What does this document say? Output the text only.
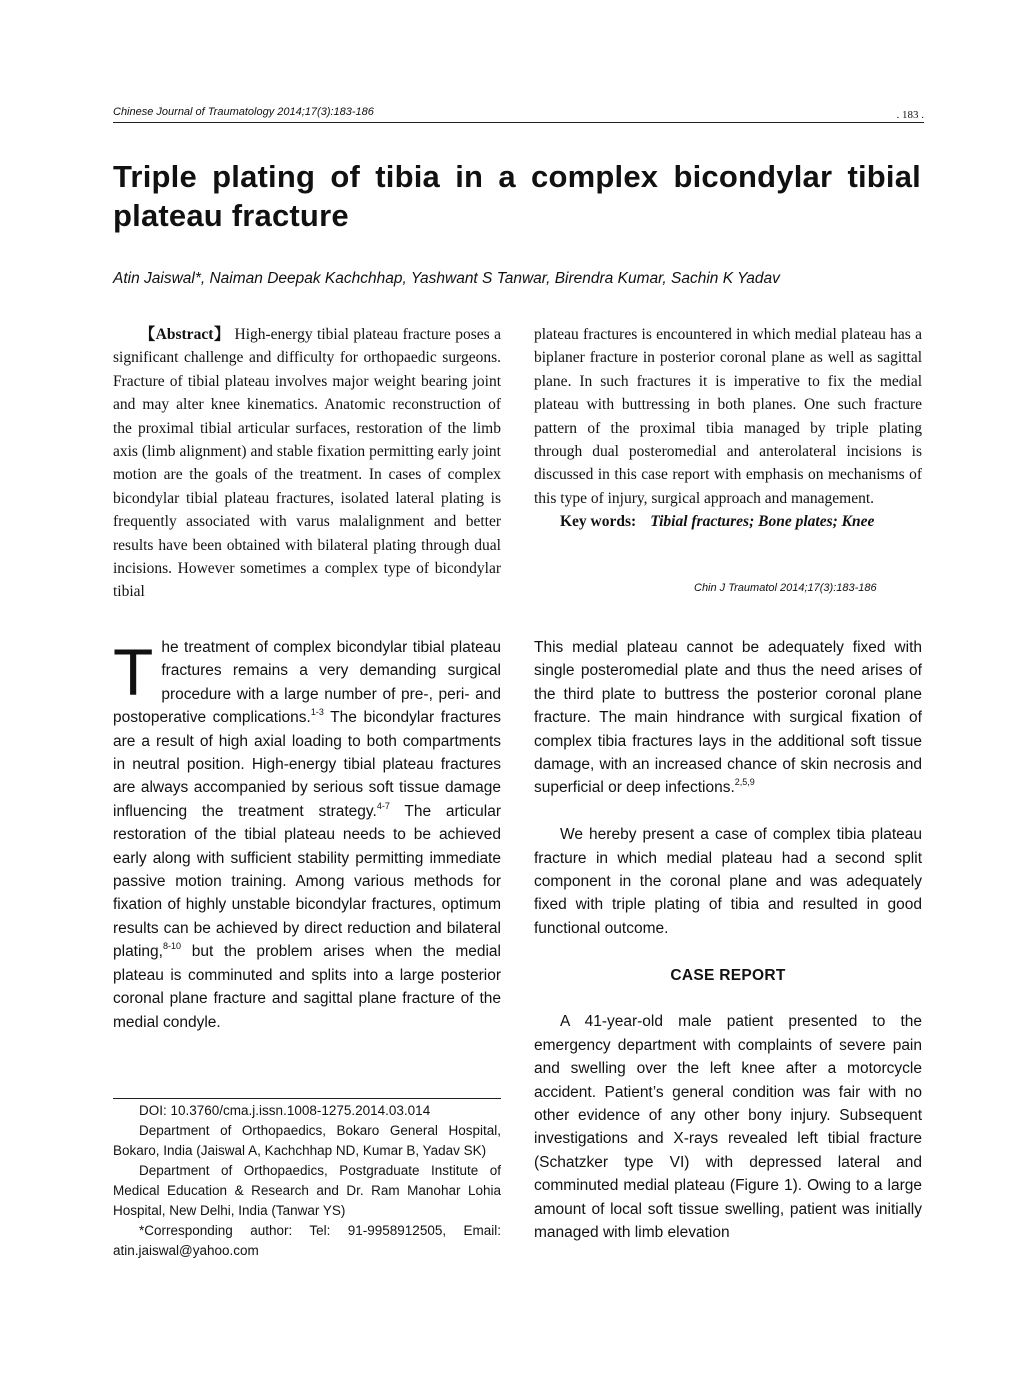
Chinese Journal of Traumatology 2014;17(3):183-186	. 183 .
Triple plating of tibia in a complex bicondylar tibial plateau fracture
Atin Jaiswal*, Naiman Deepak Kachchhap, Yashwant S Tanwar, Birendra Kumar, Sachin K Yadav

【Abstract】 High-energy tibial plateau fracture poses a significant challenge and difficulty for orthopaedic surgeons. Fracture of tibial plateau involves major weight bearing joint and may alter knee kinematics. Anatomic reconstruction of the proximal tibial articular surfaces, restoration of the limb axis (limb alignment) and stable fixation permitting early joint motion are the goals of the treatment. In cases of complex bicondylar tibial plateau fractures, isolated lateral plating is frequently associated with varus malalignment and better results have been obtained with bilateral plating through dual incisions. However sometimes a complex type of bicondylar tibial

plateau fractures is encountered in which medial plateau has a biplaner fracture in posterior coronal plane as well as sagittal plane. In such fractures it is imperative to fix the medial plateau with buttressing in both planes. One such fracture pattern of the proximal tibia managed by triple plating through dual posteromedial and anterolateral incisions is discussed in this case report with emphasis on mechanisms of this type of injury, surgical approach and management.

Key words: Tibial fractures; Bone plates; Knee

Chin J Traumatol 2014;17(3):183-186

The treatment of complex bicondylar tibial plateau fractures remains a very demanding surgical procedure with a large number of pre-, peri- and postoperative complications.$^{1-3}$ The bicondylar fractures are a result of high axial loading to both compartments in neutral position. High-energy tibial plateau fractures are always accompanied by serious soft tissue damage influencing the treatment strategy.$^{4-7}$ The articular restoration of the tibial plateau needs to be achieved early along with sufficient stability permitting immediate passive motion training. Among various methods for fixation of highly unstable bicondylar fractures, optimum results can be achieved by direct reduction and bilateral plating,$^{8-10}$ but the problem arises when the medial plateau is comminuted and splits into a large posterior coronal plane fracture and sagittal plane fracture of the medial condyle.

This medial plateau cannot be adequately fixed with single posteromedial plate and thus the need arises of the third plate to buttress the posterior coronal plane fracture. The main hindrance with surgical fixation of complex tibia fractures lays in the additional soft tissue damage, with an increased chance of skin necrosis and superficial or deep infections.$^{2,5,9}$

We hereby present a case of complex tibia plateau fracture in which medial plateau had a second split component in the coronal plane and was adequately fixed with triple plating of tibia and resulted in good functional outcome.

CASE REPORT

A 41-year-old male patient presented to the emergency department with complaints of severe pain and swelling over the left knee after a motorcycle accident. Patient’s general condition was fair with no other evidence of any other bony injury. Subsequent investigations and X-rays revealed left tibial fracture (Schatzker type VI) with depressed lateral and comminuted medial plateau (Figure 1). Owing to a large amount of local soft tissue swelling, patient was initially managed with limb elevation

DOI: 10.3760/cma.j.issn.1008-1275.2014.03.014

Department of Orthopaedics, Bokaro General Hospital, Bokaro, India (Jaiswal A, Kachchhap ND, Kumar B, Yadav SK)

Department of Orthopaedics, Postgraduate Institute of Medical Education & Research and Dr. Ram Manohar Lohia Hospital, New Delhi, India (Tanwar YS)

*Corresponding author: Tel: 91-9958912505, Email: atin.jaiswal@yahoo.com
